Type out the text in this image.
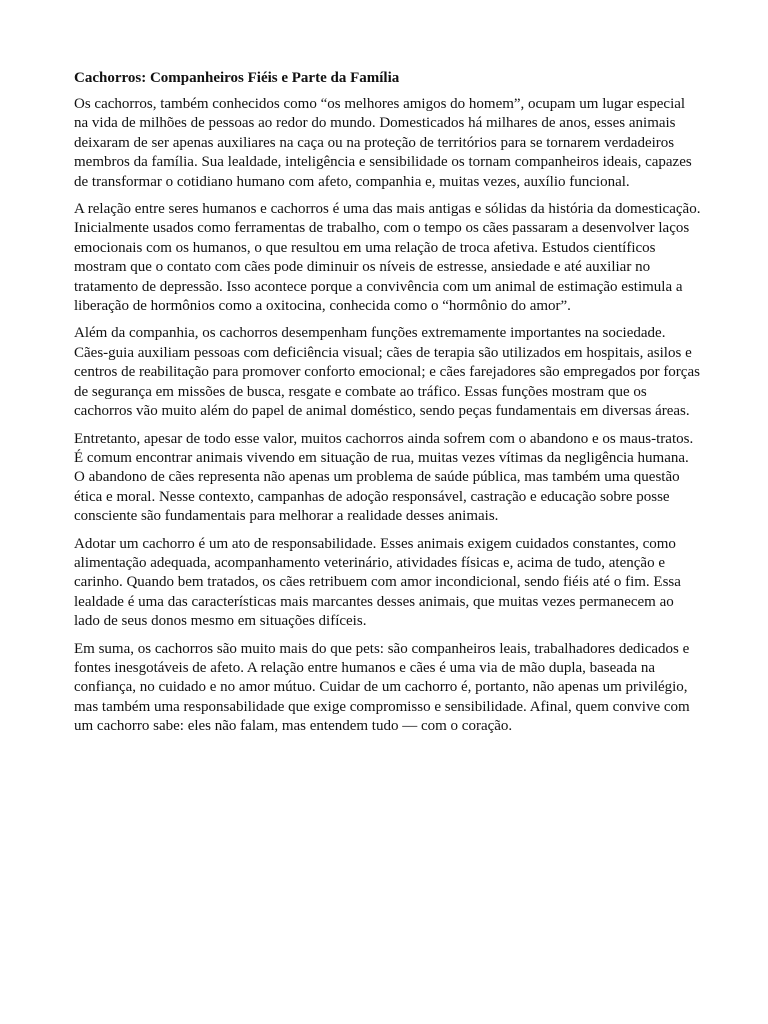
Cachorros: Companheiros Fiéis e Parte da Família

Os cachorros, também conhecidos como “os melhores amigos do homem”, ocupam um lugar especial na vida de milhões de pessoas ao redor do mundo. Domesticados há milhares de anos, esses animais deixaram de ser apenas auxiliares na caça ou na proteção de territórios para se tornarem verdadeiros membros da família. Sua lealdade, inteligência e sensibilidade os tornam companheiros ideais, capazes de transformar o cotidiano humano com afeto, companhia e, muitas vezes, auxílio funcional.

A relação entre seres humanos e cachorros é uma das mais antigas e sólidas da história da domesticação. Inicialmente usados como ferramentas de trabalho, com o tempo os cães passaram a desenvolver laços emocionais com os humanos, o que resultou em uma relação de troca afetiva. Estudos científicos mostram que o contato com cães pode diminuir os níveis de estresse, ansiedade e até auxiliar no tratamento de depressão. Isso acontece porque a convivência com um animal de estimação estimula a liberação de hormônios como a oxitocina, conhecida como o “hormônio do amor”.

Além da companhia, os cachorros desempenham funções extremamente importantes na sociedade. Cães-guia auxiliam pessoas com deficiência visual; cães de terapia são utilizados em hospitais, asilos e centros de reabilitação para promover conforto emocional; e cães farejadores são empregados por forças de segurança em missões de busca, resgate e combate ao tráfico. Essas funções mostram que os cachorros vão muito além do papel de animal doméstico, sendo peças fundamentais em diversas áreas.

Entretanto, apesar de todo esse valor, muitos cachorros ainda sofrem com o abandono e os maus-tratos. É comum encontrar animais vivendo em situação de rua, muitas vezes vítimas da negligência humana. O abandono de cães representa não apenas um problema de saúde pública, mas também uma questão ética e moral. Nesse contexto, campanhas de adoção responsável, castração e educação sobre posse consciente são fundamentais para melhorar a realidade desses animais.

Adotar um cachorro é um ato de responsabilidade. Esses animais exigem cuidados constantes, como alimentação adequada, acompanhamento veterinário, atividades físicas e, acima de tudo, atenção e carinho. Quando bem tratados, os cães retribuem com amor incondicional, sendo fiéis até o fim. Essa lealdade é uma das características mais marcantes desses animais, que muitas vezes permanecem ao lado de seus donos mesmo em situações difíceis.

Em suma, os cachorros são muito mais do que pets: são companheiros leais, trabalhadores dedicados e fontes inesgotáveis de afeto. A relação entre humanos e cães é uma via de mão dupla, baseada na confiança, no cuidado e no amor mútuo. Cuidar de um cachorro é, portanto, não apenas um privilégio, mas também uma responsabilidade que exige compromisso e sensibilidade. Afinal, quem convive com um cachorro sabe: eles não falam, mas entendem tudo — com o coração.
